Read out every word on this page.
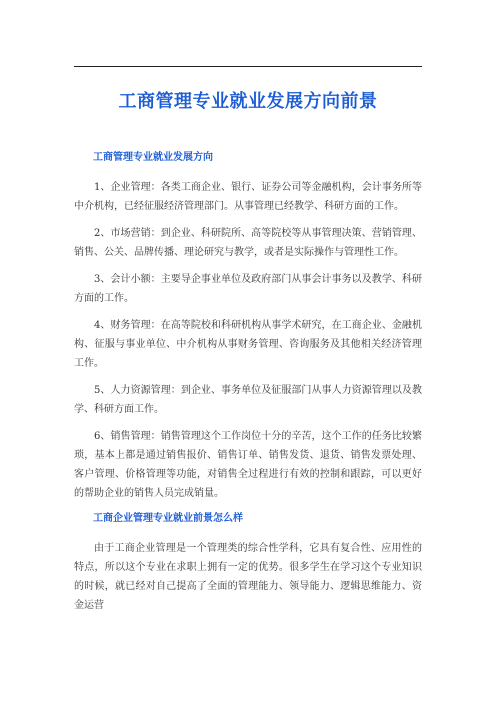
工商管理专业就业发展方向前景
工商管理专业就业发展方向

1、企业管理：各类工商企业、银行、证券公司等金融机构，会计事务所等中介机构，已经征服经济管理部门。从事管理已经教学、科研方面的工作。

2、市场营销：到企业、科研院所、高等院校等从事管理决策、营销管理、销售、公关、品牌传播、理论研究与教学，或者是实际操作与管理性工作。

3、会计小额：主要导企事业单位及政府部门从事会计事务以及教学、科研方面的工作。

4、财务管理：在高等院校和科研机构从事学术研究，在工商企业、金融机构、征服与事业单位、中介机构从事财务管理、咨询服务及其他相关经济管理工作。

5、人力资源管理：到企业、事务单位及征服部门从事人力资源管理以及教学、科研方面工作。

6、销售管理：销售管理这个工作岗位十分的辛苦，这个工作的任务比较繁琐，基本上都是通过销售报价、销售订单、销售发货、退货、销售发票处理、客户管理、价格管理等功能，对销售全过程进行有效的控制和跟踪，可以更好的帮助企业的销售人员完成销量。

工商企业管理专业就业前景怎么样

由于工商企业管理是一个管理类的综合性学科，它具有复合性、应用性的特点，所以这个专业在求职上拥有一定的优势。很多学生在学习这个专业知识的时候，就已经对自己提高了全面的管理能力、领导能力、逻辑思维能力、资金运营
